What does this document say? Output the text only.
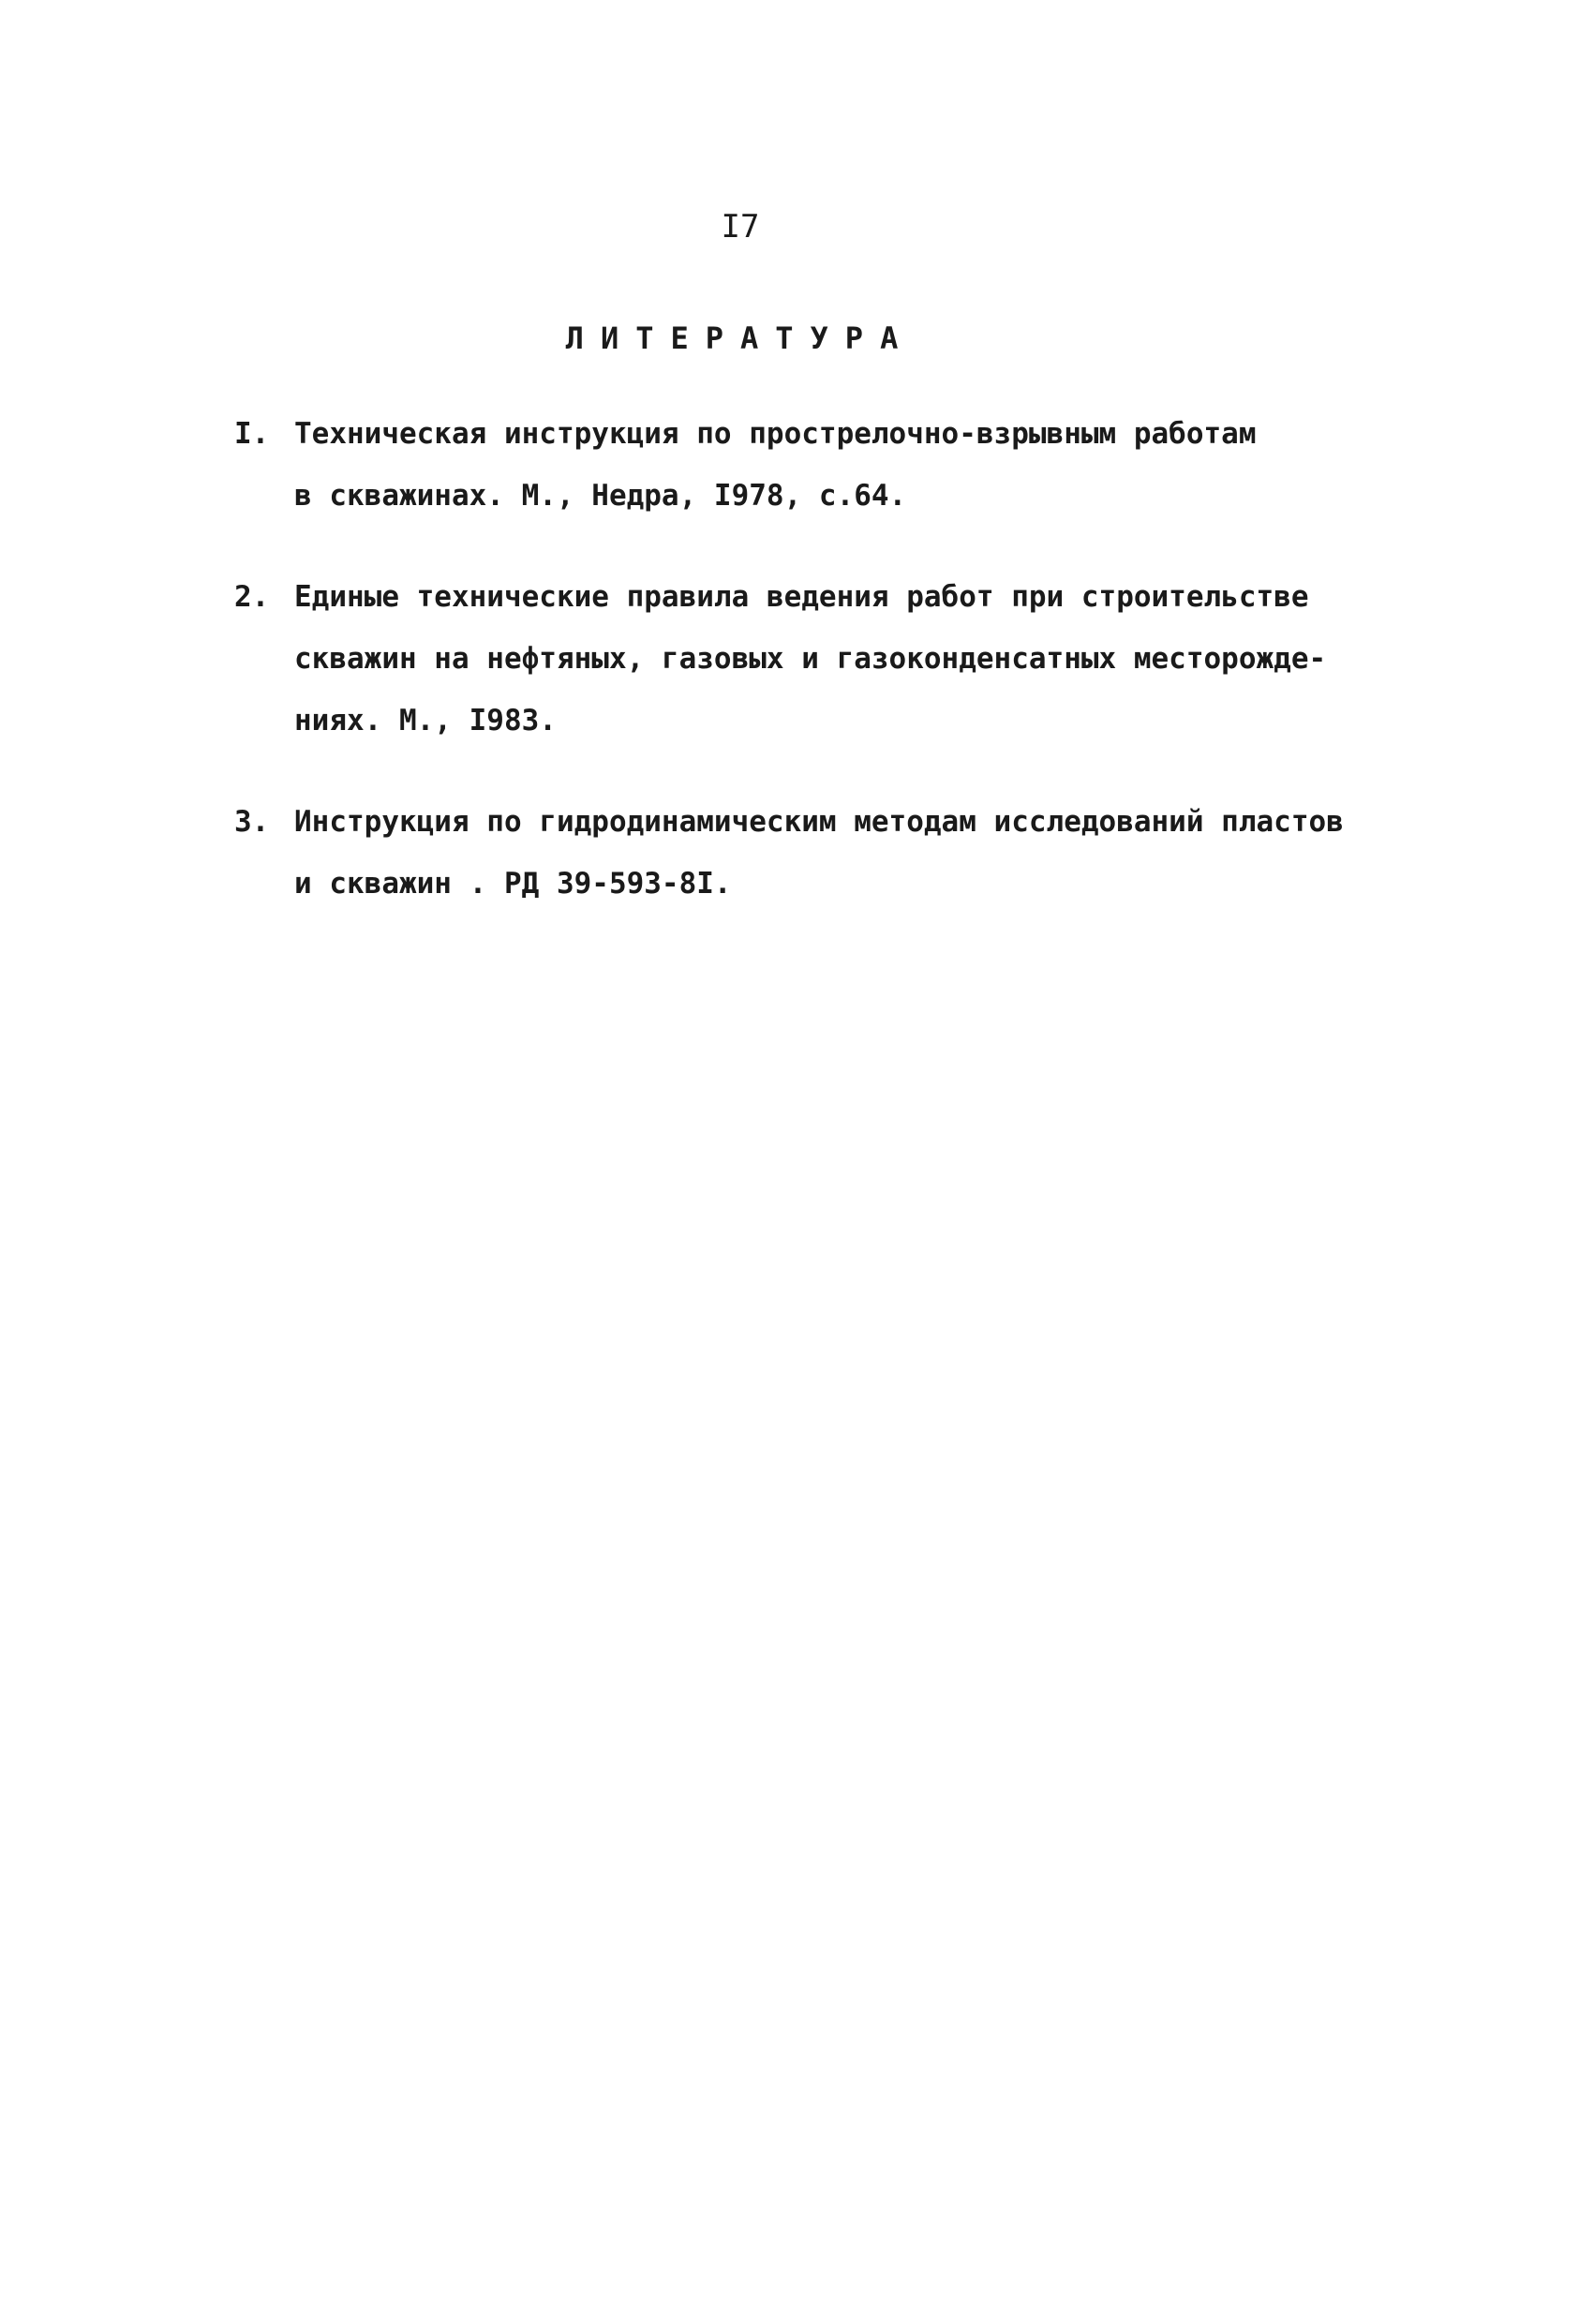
I7
ЛИТЕРАТУРА
I. Техническая инструкция по прострелочно-взрывным работам
в скважинах. М., Недра, I978, с.64.
2. Единые технические правила ведения работ при строительстве
скважин на нефтяных, газовых и газоконденсатных месторожде-
ниях. М., I983.
3. Инструкция по гидродинамическим методам исследований пластов
и скважин . РД 39-593-8I.
